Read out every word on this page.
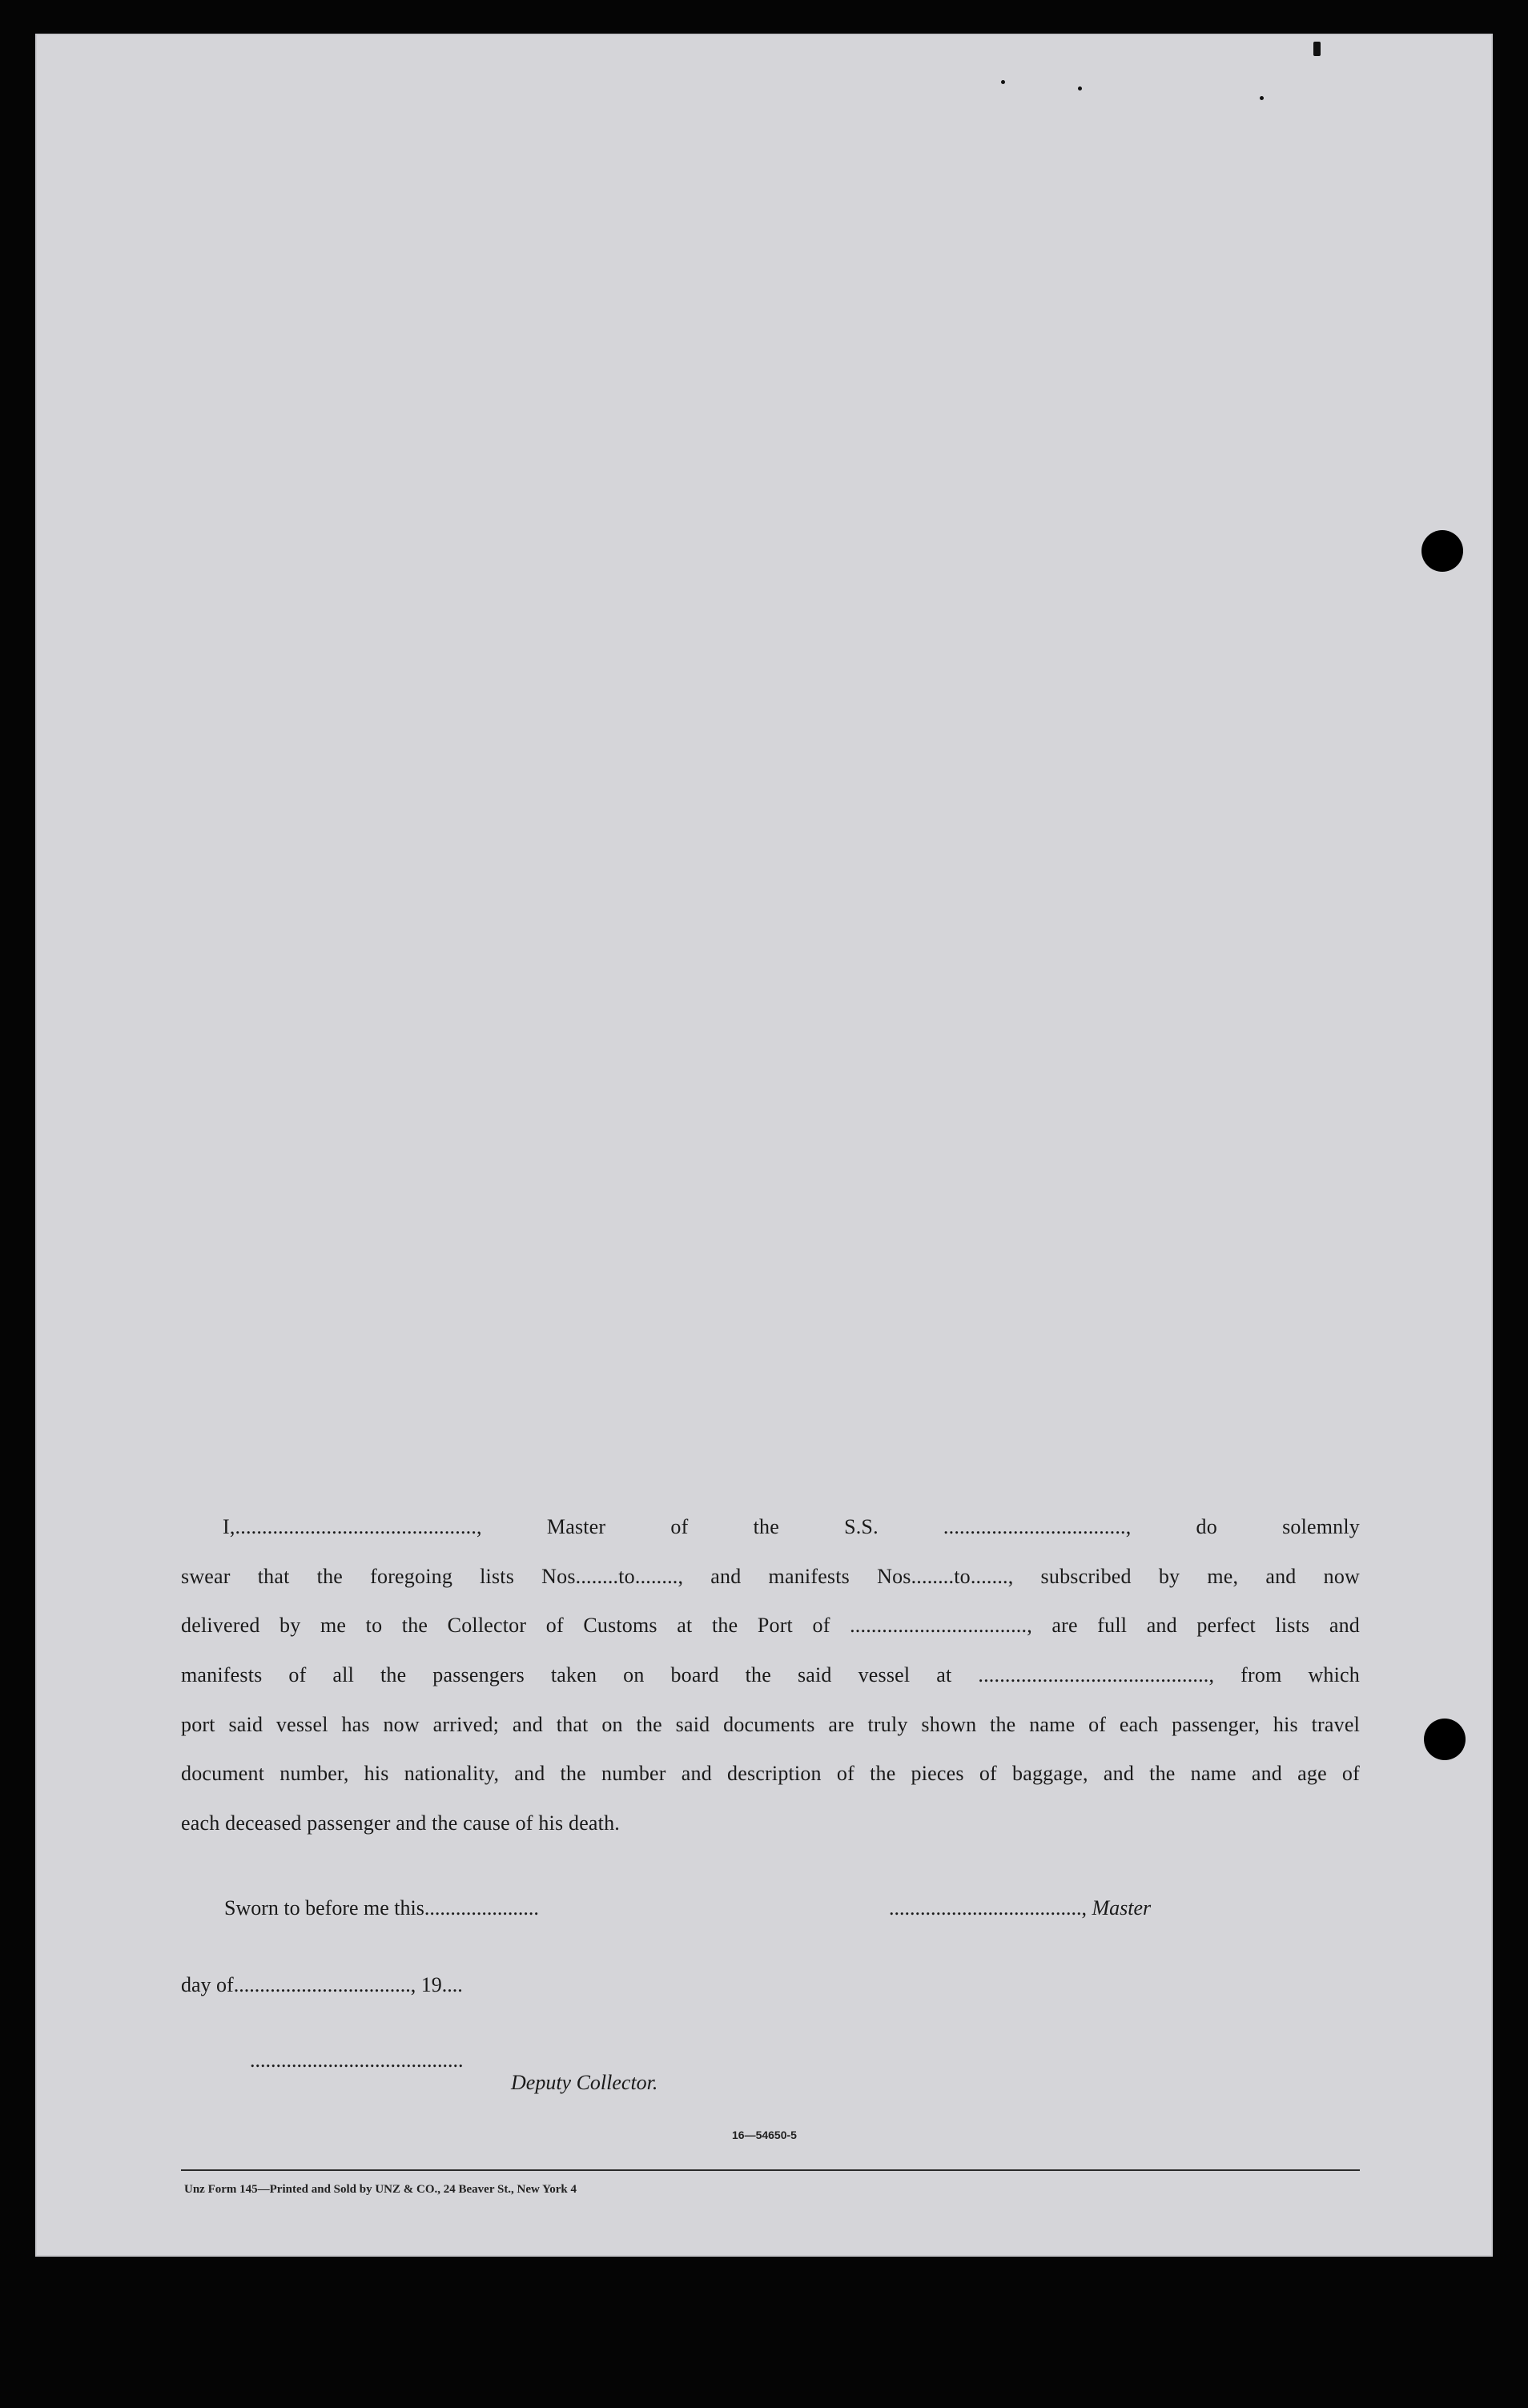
I,............................................., Master of the S.S.	.................................., do solemnly
swear that the foregoing lists Nos........to........, and manifests Nos........to......., subscribed by me, and now
delivered by me to the Collector of Customs at the Port of ................................., are full and perfect lists and
manifests of all the passengers taken on board the said vessel at ..........................................., from which
port said vessel has now arrived; and that on the said documents are truly shown the name of each passenger, his travel
document number, his nationality, and the number and description of the pieces of baggage, and the name and age of
each deceased passenger and the cause of his death.
Sworn to before me this......................	....................................., Master
day of.................................., 19....
.........................................
Deputy Collector.
16—54650-5
Unz Form 145—Printed and Sold by UNZ & CO., 24 Beaver St., New York 4
